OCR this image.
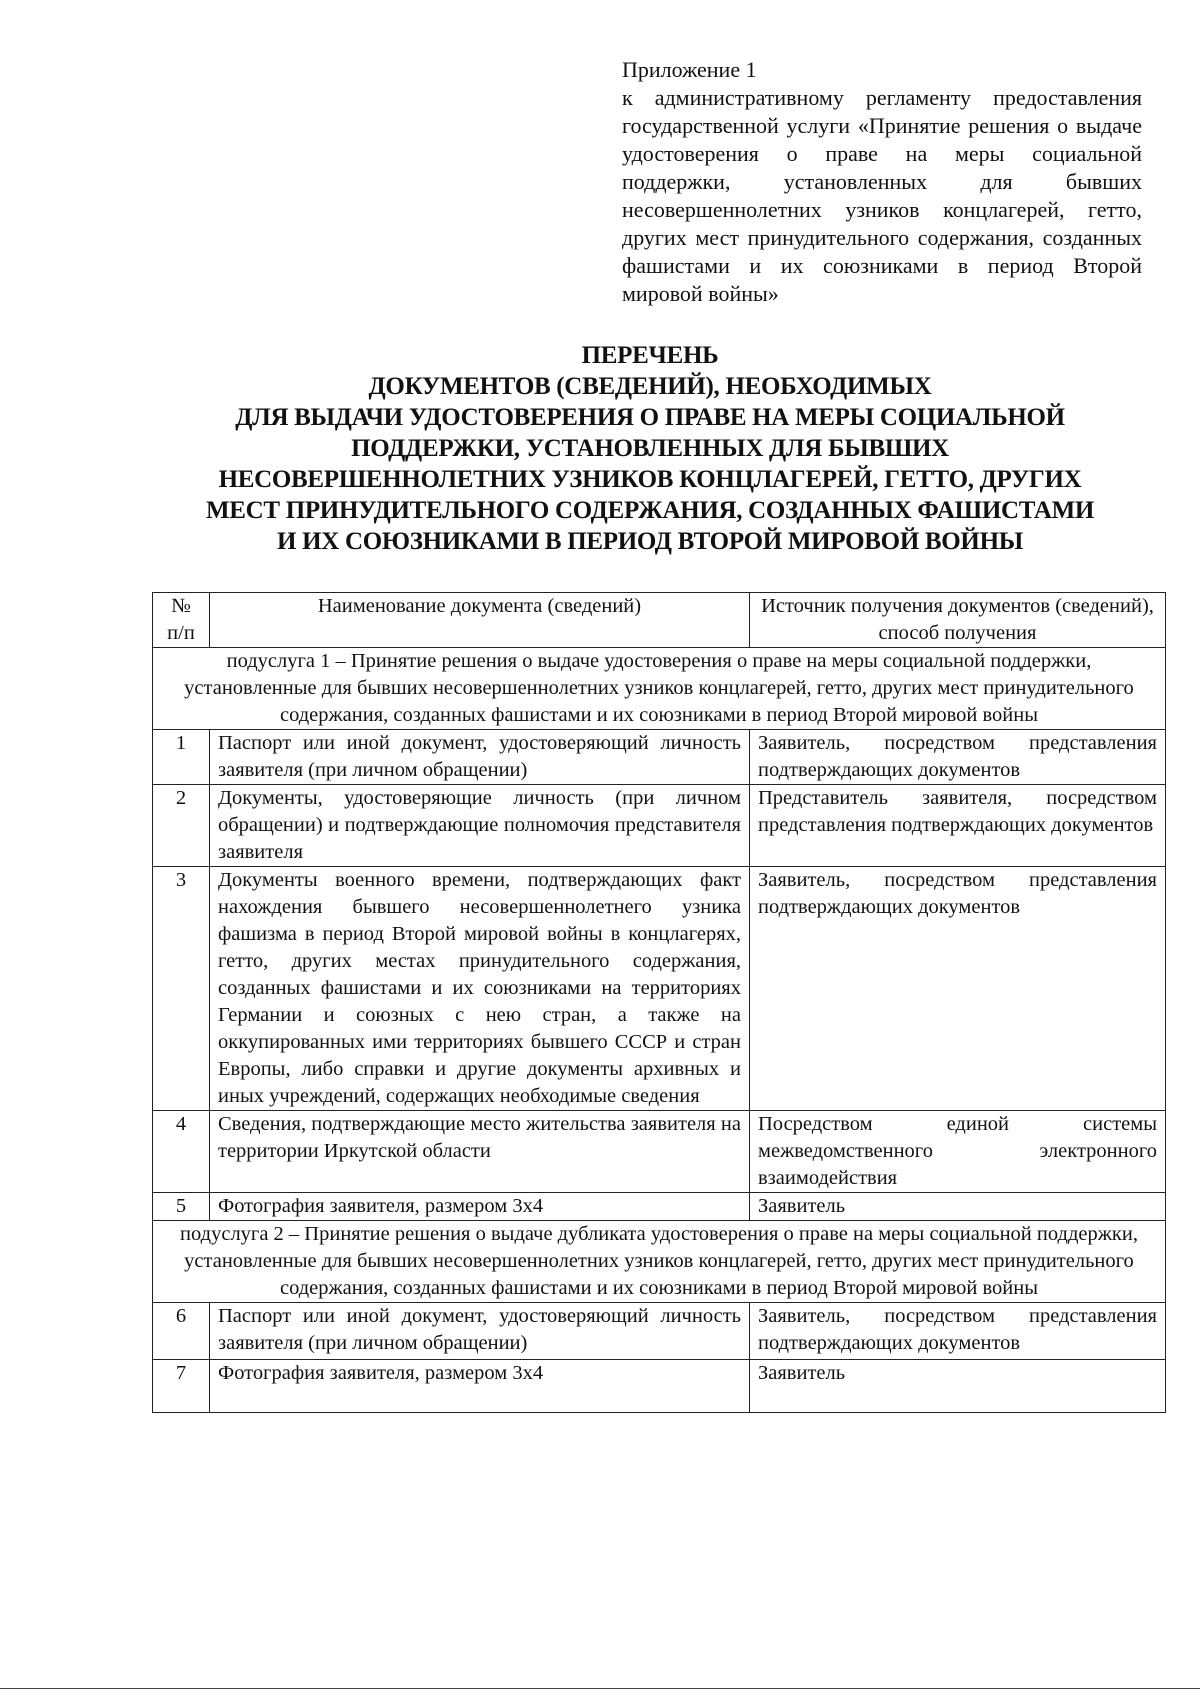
Приложение 1
к административному регламенту предоставления государственной услуги «Принятие решения о выдаче удостоверения о праве на меры социальной поддержки, установленных для бывших несовершеннолетних узников концлагерей, гетто, других мест принудительного содержания, созданных фашистами и их союзниками в период Второй мировой войны»
ПЕРЕЧЕНЬ
ДОКУМЕНТОВ (СВЕДЕНИЙ), НЕОБХОДИМЫХ
ДЛЯ ВЫДАЧИ УДОСТОВЕРЕНИЯ О ПРАВЕ НА МЕРЫ СОЦИАЛЬНОЙ
ПОДДЕРЖКИ, УСТАНОВЛЕННЫХ ДЛЯ БЫВШИХ
НЕСОВЕРШЕННОЛЕТНИХ УЗНИКОВ КОНЦЛАГЕРЕЙ, ГЕТТО, ДРУГИХ
МЕСТ ПРИНУДИТЕЛЬНОГО СОДЕРЖАНИЯ, СОЗДАННЫХ ФАШИСТАМИ
И ИХ СОЮЗНИКАМИ В ПЕРИОД ВТОРОЙ МИРОВОЙ ВОЙНЫ
№ п/п	Наименование документа (сведений)	Источник получения документов (сведений), способ получения
подуслуга 1 – Принятие решения о выдаче удостоверения о праве на меры социальной поддержки, установленные для бывших несовершеннолетних узников концлагерей, гетто, других мест принудительного содержания, созданных фашистами и их союзниками в период Второй мировой войны		
1	Паспорт или иной документ, удостоверяющий личность заявителя (при личном обращении)	Заявитель, посредством представления подтверждающих документов
2	Документы, удостоверяющие личность (при личном обращении) и подтверждающие полномочия представителя заявителя	Представитель заявителя, посредством представления подтверждающих документов
3	Документы военного времени, подтверждающих факт нахождения бывшего несовершеннолетнего узника фашизма в период Второй мировой войны в концлагерях, гетто, других местах принудительного содержания, созданных фашистами и их союзниками на территориях Германии и союзных с нею стран, а также на оккупированных ими территориях бывшего СССР и стран Европы, либо справки и другие документы архивных и иных учреждений, содержащих необходимые сведения	Заявитель, посредством представления подтверждающих документов
4	Сведения, подтверждающие место жительства заявителя на территории Иркутской области	Посредством единой системы межведомственного электронного взаимодействия
5	Фотография заявителя, размером 3х4	Заявитель
подуслуга 2 – Принятие решения о выдаче дубликата удостоверения о праве на меры социальной поддержки, установленные для бывших несовершеннолетних узников концлагерей, гетто, других мест принудительного содержания, созданных фашистами и их союзниками в период Второй мировой войны		
6	Паспорт или иной документ, удостоверяющий личность заявителя (при личном обращении)	Заявитель, посредством представления подтверждающих документов
7	Фотография заявителя, размером 3х4	Заявитель
